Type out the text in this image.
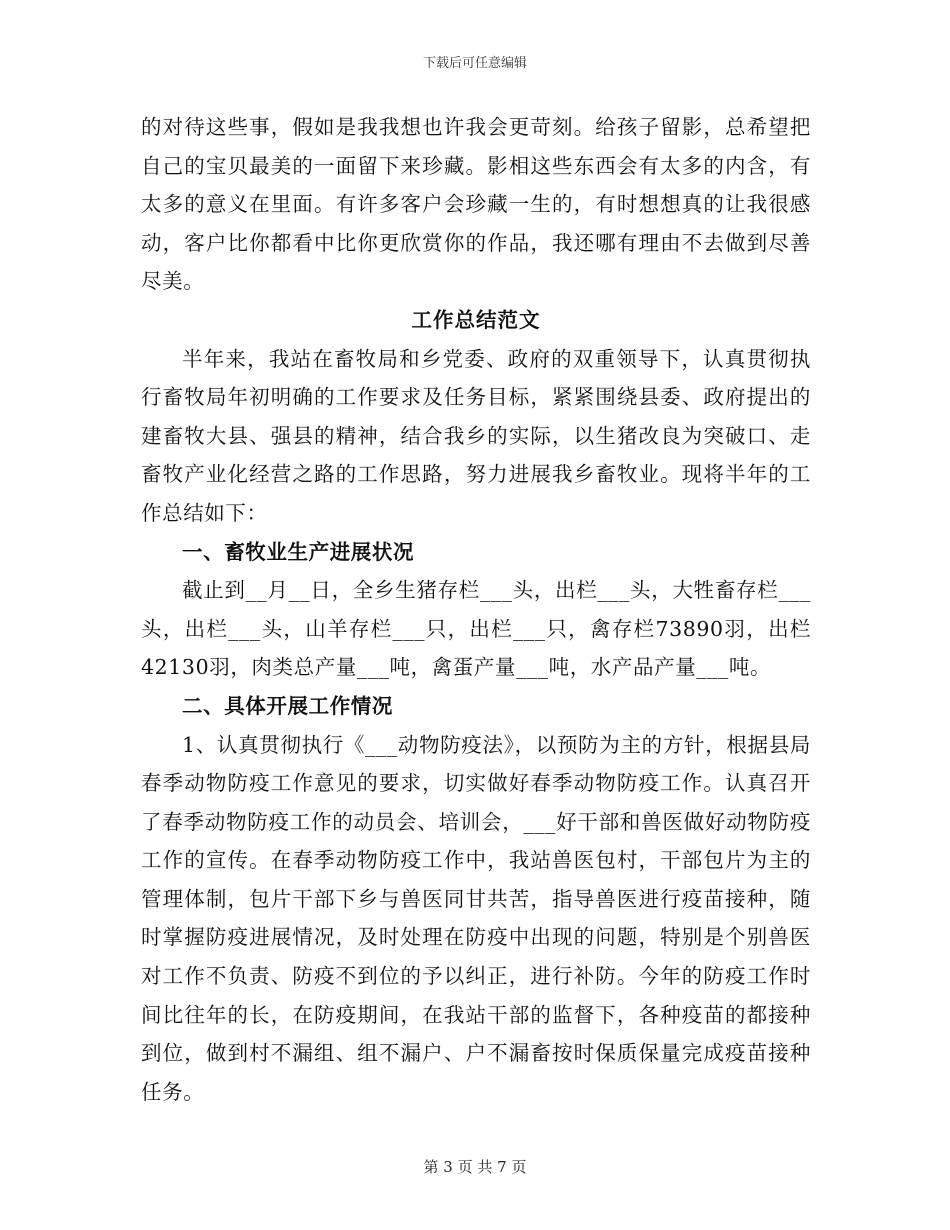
下载后可任意编辑

的对待这些事，假如是我我想也许我会更苛刻。给孩子留影，总希望把自己的宝贝最美的一面留下来珍藏。影相这些东西会有太多的内含，有太多的意义在里面。有许多客户会珍藏一生的，有时想想真的让我很感动，客户比你都看中比你更欣赏你的作品，我还哪有理由不去做到尽善尽美。

工作总结范文

半年来，我站在畜牧局和乡党委、政府的双重领导下，认真贯彻执行畜牧局年初明确的工作要求及任务目标，紧紧围绕县委、政府提出的建畜牧大县、强县的精神，结合我乡的实际，以生猪改良为突破口、走畜牧产业化经营之路的工作思路，努力进展我乡畜牧业。现将半年的工作总结如下：

一、畜牧业生产进展状况

截止到__月__日，全乡生猪存栏___头，出栏___头，大牲畜存栏___头，出栏___头，山羊存栏___只，出栏___只，禽存栏73890羽，出栏42130羽，肉类总产量___吨，禽蛋产量___吨，水产品产量___吨。

二、具体开展工作情况

1、认真贯彻执行《___动物防疫法》，以预防为主的方针，根据县局春季动物防疫工作意见的要求，切实做好春季动物防疫工作。认真召开了春季动物防疫工作的动员会、培训会，___好干部和兽医做好动物防疫工作的宣传。在春季动物防疫工作中，我站兽医包村，干部包片为主的管理体制，包片干部下乡与兽医同甘共苦，指导兽医进行疫苗接种，随时掌握防疫进展情况，及时处理在防疫中出现的问题，特别是个别兽医对工作不负责、防疫不到位的予以纠正，进行补防。今年的防疫工作时间比往年的长，在防疫期间，在我站干部的监督下，各种疫苗的都接种到位，做到村不漏组、组不漏户、户不漏畜按时保质保量完成疫苗接种任务。

第 3 页 共 7 页
